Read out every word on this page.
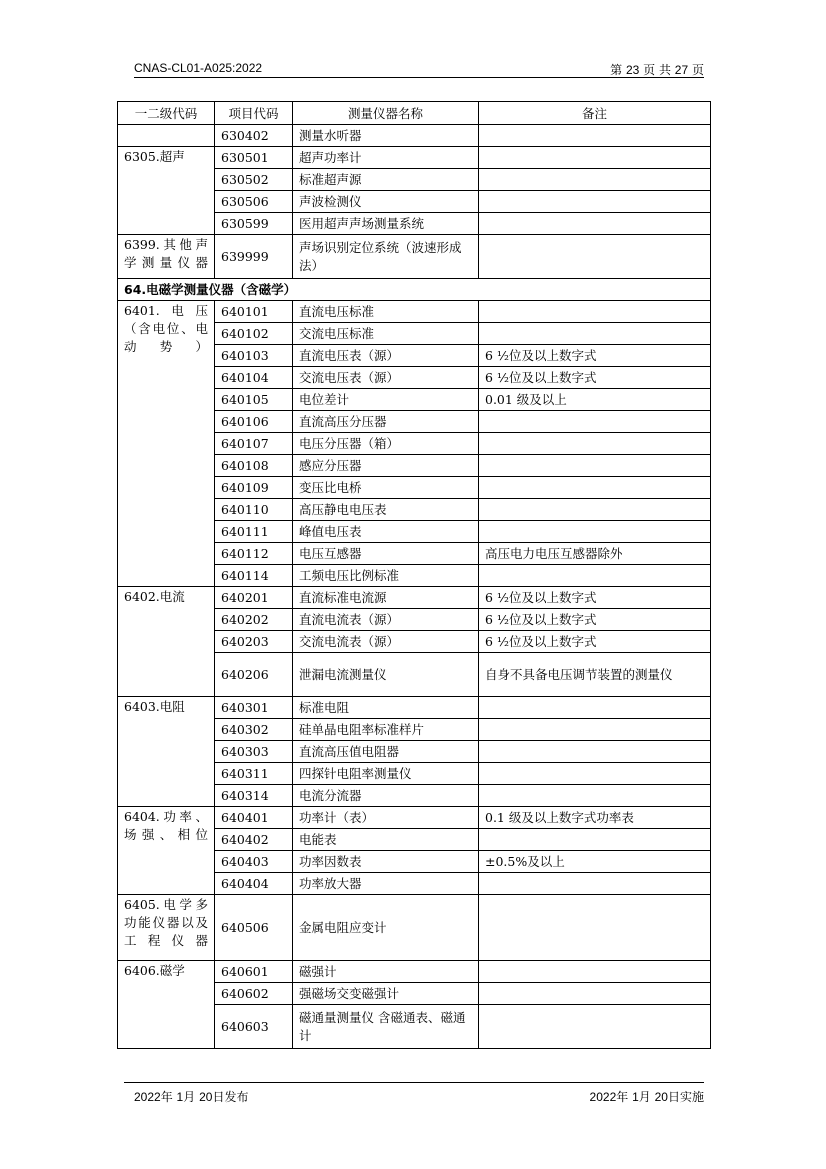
CNAS-CL01-A025:2022	第 23 页 共 27 页
一二级代码	项目代码	测量仪器名称	备注
	630402	测量水听器	
6305.超声	630501	超声功率计	
	630502	标准超声源	
	630506	声波检测仪	
	630599	医用超声声场测量系统	
6399.其他声学测量仪器	639999	声场识别定位系统（波速形成法）	
64.电磁学测量仪器（含磁学）			
6401.电压（含电位、电动势）	640101	直流电压标准	
	640102	交流电压标准	
	640103	直流电压表（源）	6 ½位及以上数字式
	640104	交流电压表（源）	6 ½位及以上数字式
	640105	电位差计	0.01 级及以上
	640106	直流高压分压器	
	640107	电压分压器（箱）	
	640108	感应分压器	
	640109	变压比电桥	
	640110	高压静电电压表	
	640111	峰值电压表	
	640112	电压互感器	高压电力电压互感器除外
	640114	工频电压比例标准	
6402.电流	640201	直流标准电流源	6 ½位及以上数字式
	640202	直流电流表（源）	6 ½位及以上数字式
	640203	交流电流表（源）	6 ½位及以上数字式
	640206	泄漏电流测量仪	自身不具备电压调节装置的测量仪
6403.电阻	640301	标准电阻	
	640302	硅单晶电阻率标准样片	
	640303	直流高压值电阻器	
	640311	四探针电阻率测量仪	
	640314	电流分流器	
6404.功率、场强、相位	640401	功率计（表）	0.1 级及以上数字式功率表
	640402	电能表	
	640403	功率因数表	±0.5%及以上
	640404	功率放大器	
6405.电学多功能仪器以及工程仪器	640506	金属电阻应变计	
6406.磁学	640601	磁强计	
	640602	强磁场交变磁强计	
	640603	磁通量测量仪 含磁通表、磁通计	
2022年 1月 20日发布	2022年 1月 20日实施
